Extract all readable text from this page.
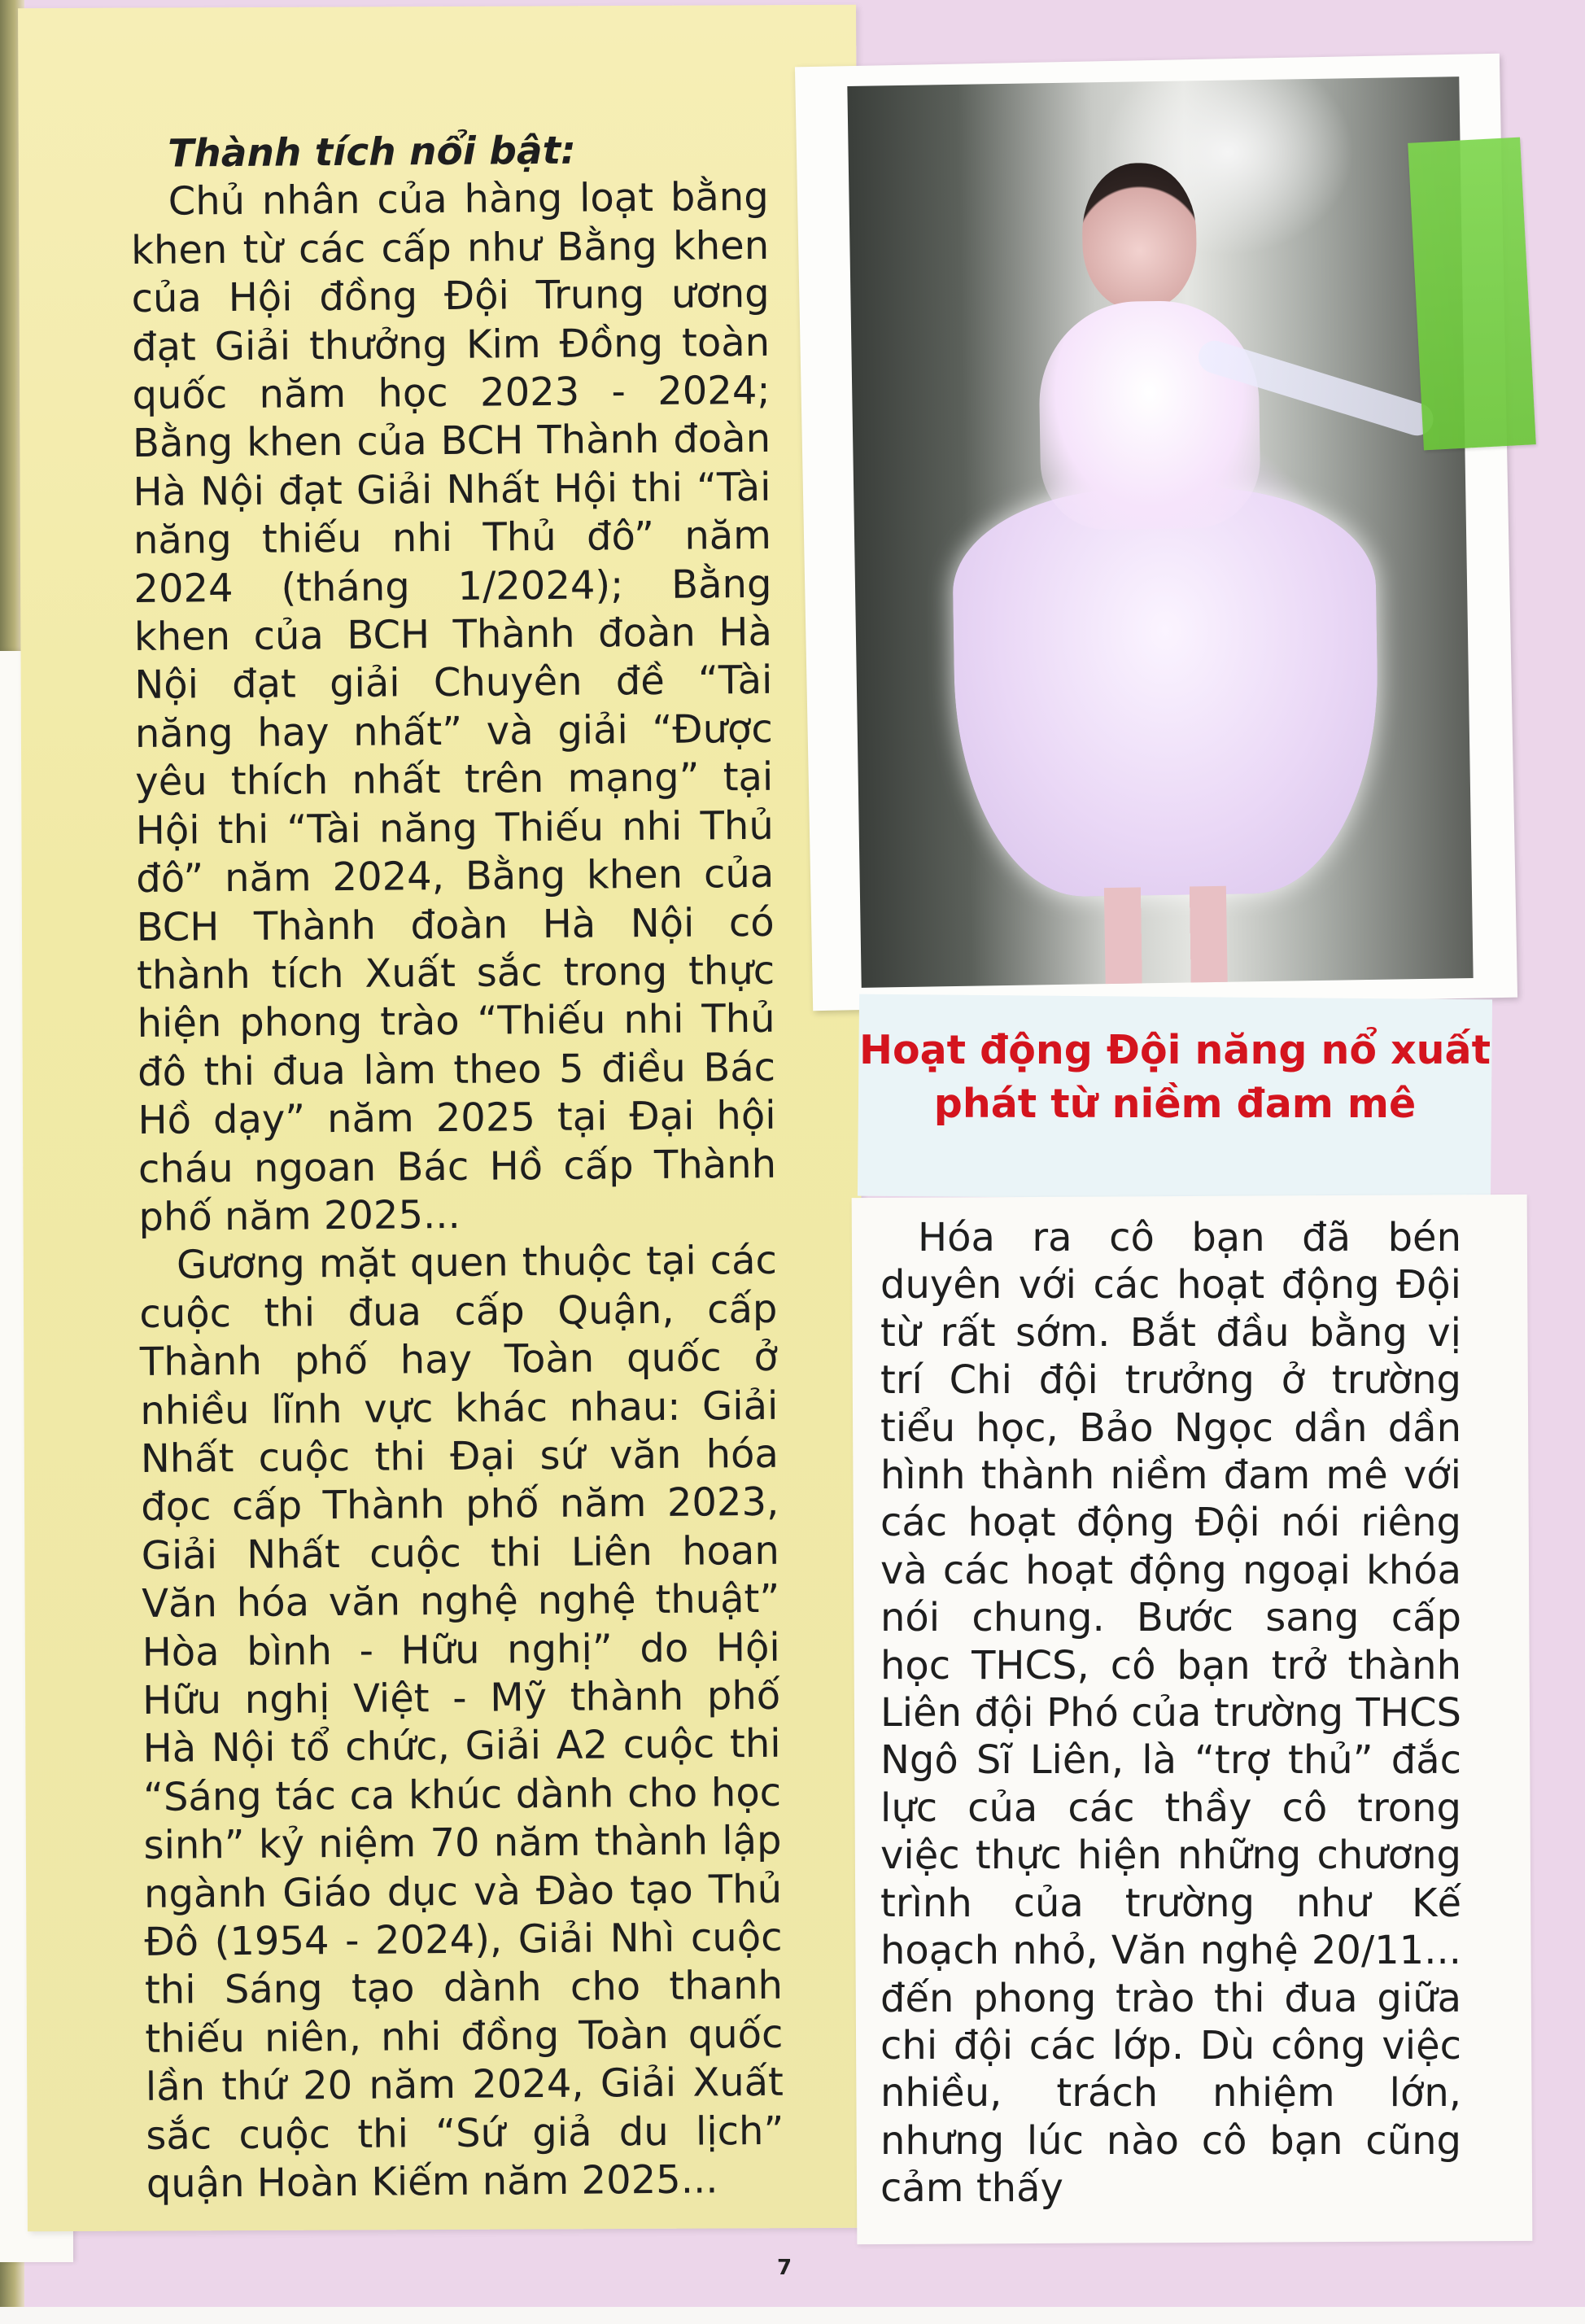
Thành tích nổi bật:

Chủ nhân của hàng loạt bằng khen từ các cấp như Bằng khen của Hội đồng Đội Trung ương đạt Giải thưởng Kim Đồng toàn quốc năm học 2023 - 2024; Bằng khen của BCH Thành đoàn Hà Nội đạt Giải Nhất Hội thi “Tài năng thiếu nhi Thủ đô” năm 2024 (tháng 1/2024); Bằng khen của BCH Thành đoàn Hà Nội đạt giải Chuyên đề “Tài năng hay nhất” và giải “Được yêu thích nhất trên mạng” tại Hội thi “Tài năng Thiếu nhi Thủ đô” năm 2024, Bằng khen của BCH Thành đoàn Hà Nội có thành tích Xuất sắc trong thực hiện phong trào “Thiếu nhi Thủ đô thi đua làm theo 5 điều Bác Hồ dạy” năm 2025 tại Đại hội cháu ngoan Bác Hồ cấp Thành phố năm 2025...

Gương mặt quen thuộc tại các cuộc thi đua cấp Quận, cấp Thành phố hay Toàn quốc ở nhiều lĩnh vực khác nhau: Giải Nhất cuộc thi Đại sứ văn hóa đọc cấp Thành phố năm 2023, Giải Nhất cuộc thi Liên hoan Văn hóa văn nghệ nghệ thuật” Hòa bình - Hữu nghị” do Hội Hữu nghị Việt - Mỹ thành phố Hà Nội tổ chức, Giải A2 cuộc thi “Sáng tác ca khúc dành cho học sinh” kỷ niệm 70 năm thành lập ngành Giáo dục và Đào tạo Thủ Đô (1954 - 2024), Giải Nhì cuộc thi Sáng tạo dành cho thanh thiếu niên, nhi đồng Toàn quốc lần thứ 20 năm 2024, Giải Xuất sắc cuộc thi “Sứ giả du lịch” quận Hoàn Kiếm năm 2025...

Hoạt động Đội năng nổ xuất phát từ niềm đam mê

Hóa ra cô bạn đã bén duyên với các hoạt động Đội từ rất sớm. Bắt đầu bằng vị trí Chi đội trưởng ở trường tiểu học, Bảo Ngọc dần dần hình thành niềm đam mê với các hoạt động Đội nói riêng và các hoạt động ngoại khóa nói chung. Bước sang cấp học THCS, cô bạn trở thành Liên đội Phó của trường THCS Ngô Sĩ Liên, là “trợ thủ” đắc lực của các thầy cô trong việc thực hiện những chương trình của trường như Kế hoạch nhỏ, Văn nghệ 20/11... đến phong trào thi đua giữa chi đội các lớp. Dù công việc nhiều, trách nhiệm lớn, nhưng lúc nào cô bạn cũng cảm thấy

7
